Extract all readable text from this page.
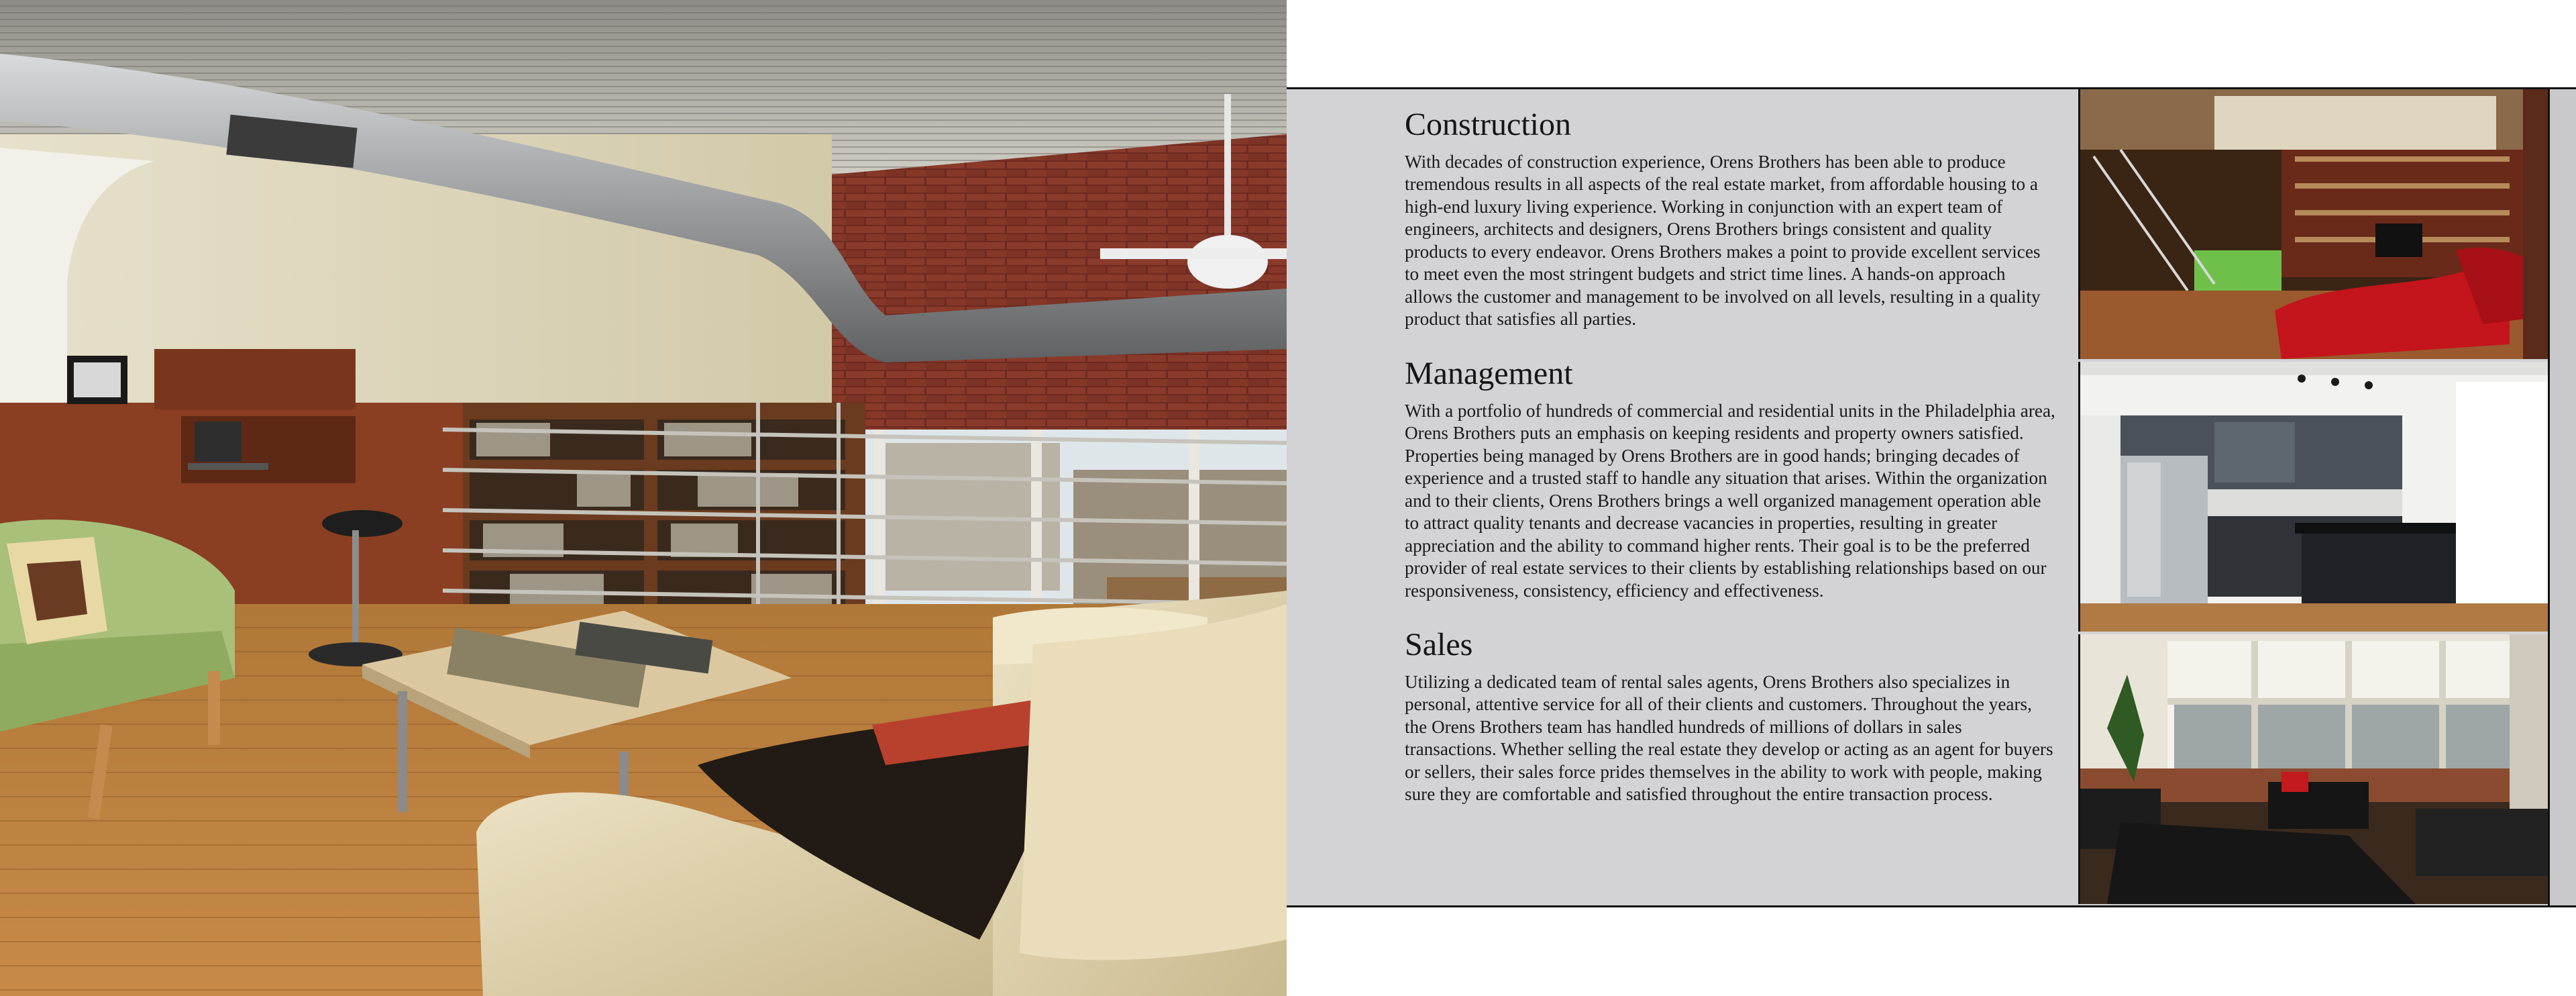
Construction

With decades of construction experience, Orens Brothers has been able to produce tremendous results in all aspects of the real estate market, from affordable housing to a high-end luxury living experience. Working in conjunction with an expert team of engineers, architects and designers, Orens Brothers brings consistent and quality products to every endeavor. Orens Brothers makes a point to provide excellent services to meet even the most stringent budgets and strict time lines. A hands-on approach allows the customer and management to be involved on all levels, resulting in a quality product that satisfies all parties.

Management

With a portfolio of hundreds of commercial and residential units in the Philadelphia area, Orens Brothers puts an emphasis on keeping residents and property owners satisfied. Properties being managed by Orens Brothers are in good hands; bringing decades of experience and a trusted staff to handle any situation that arises. Within the organization and to their clients, Orens Brothers brings a well organized management operation able to attract quality tenants and decrease vacancies in properties, resulting in greater appreciation and the ability to command higher rents. Their goal is to be the preferred provider of real estate services to their clients by establishing relationships based on our responsiveness, consistency, efficiency and effectiveness.

Sales

Utilizing a dedicated team of rental sales agents, Orens Brothers also specializes in personal, attentive service for all of their clients and customers. Throughout the years, the Orens Brothers team has handled hundreds of millions of dollars in sales transactions. Whether selling the real estate they develop or acting as an agent for buyers or sellers, their sales force prides themselves in the ability to work with people, making sure they are comfortable and satisfied throughout the entire transaction process.
